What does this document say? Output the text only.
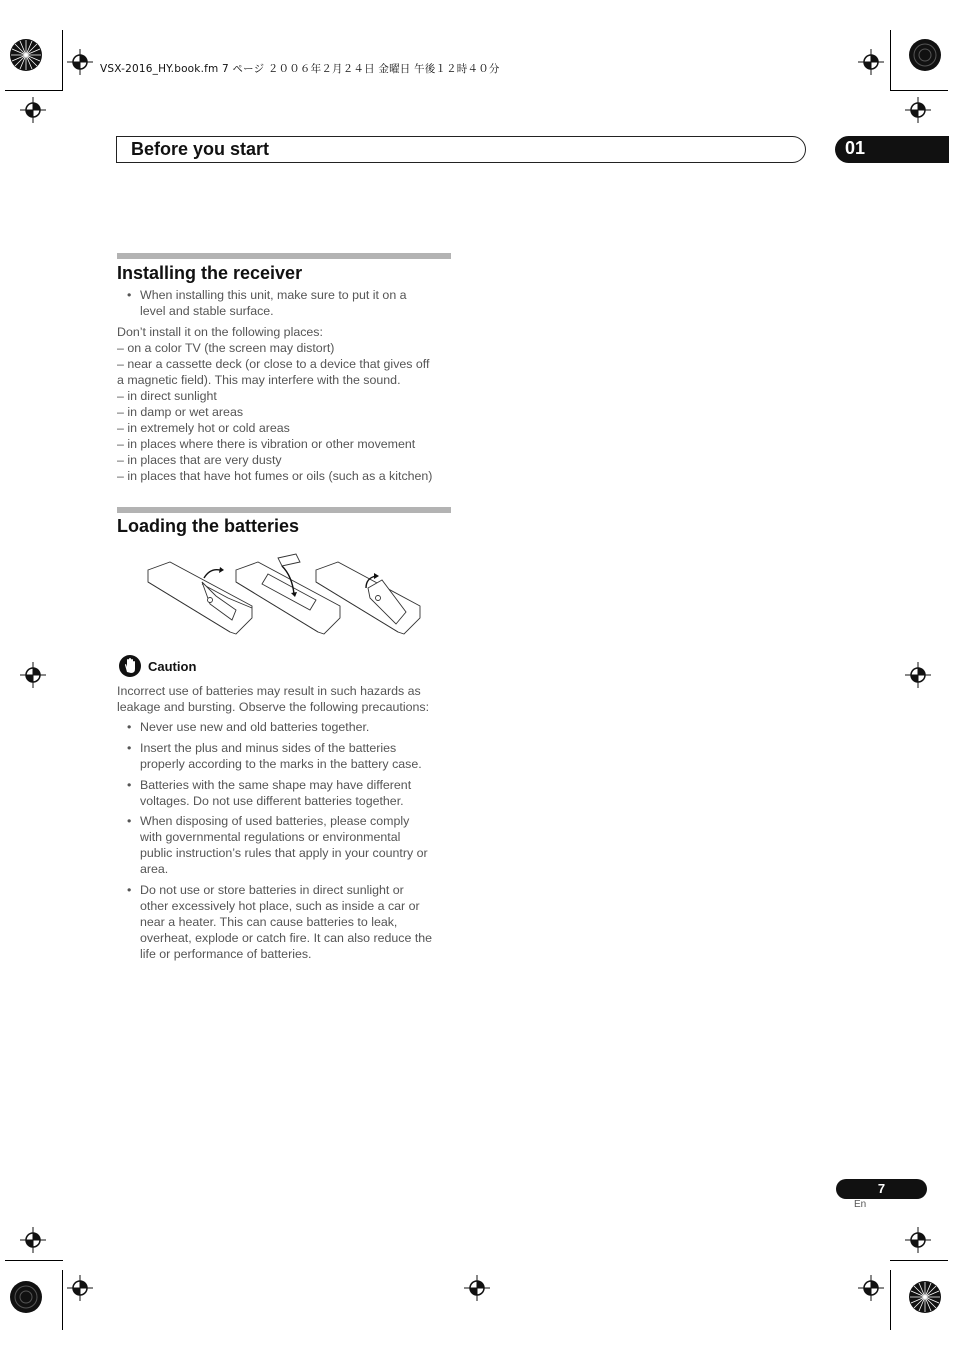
VSX-2016_HY.book.fm 7 ページ ２００６年２月２４日 金曜日 午後１２時４０分
Before you start	01
Installing the receiver
• When installing this unit, make sure to put it on a
level and stable surface.
Don’t install it on the following places:
– on a color TV (the screen may distort)
– near a cassette deck (or close to a device that gives off
a magnetic field). This may interfere with the sound.
– in direct sunlight
– in damp or wet areas
– in extremely hot or cold areas
– in places where there is vibration or other movement
– in places that are very dusty
– in places that have hot fumes or oils (such as a kitchen)
Loading the batteries
Caution
Incorrect use of batteries may result in such hazards as
leakage and bursting. Observe the following precautions:
• Never use new and old batteries together.
• Insert the plus and minus sides of the batteries
properly according to the marks in the battery case.
• Batteries with the same shape may have different
voltages. Do not use different batteries together.
• When disposing of used batteries, please comply
with governmental regulations or environmental
public instruction’s rules that apply in your country or
area.
• Do not use or store batteries in direct sunlight or
other excessively hot place, such as inside a car or
near a heater. This can cause batteries to leak,
overheat, explode or catch fire. It can also reduce the
life or performance of batteries.
7
En
